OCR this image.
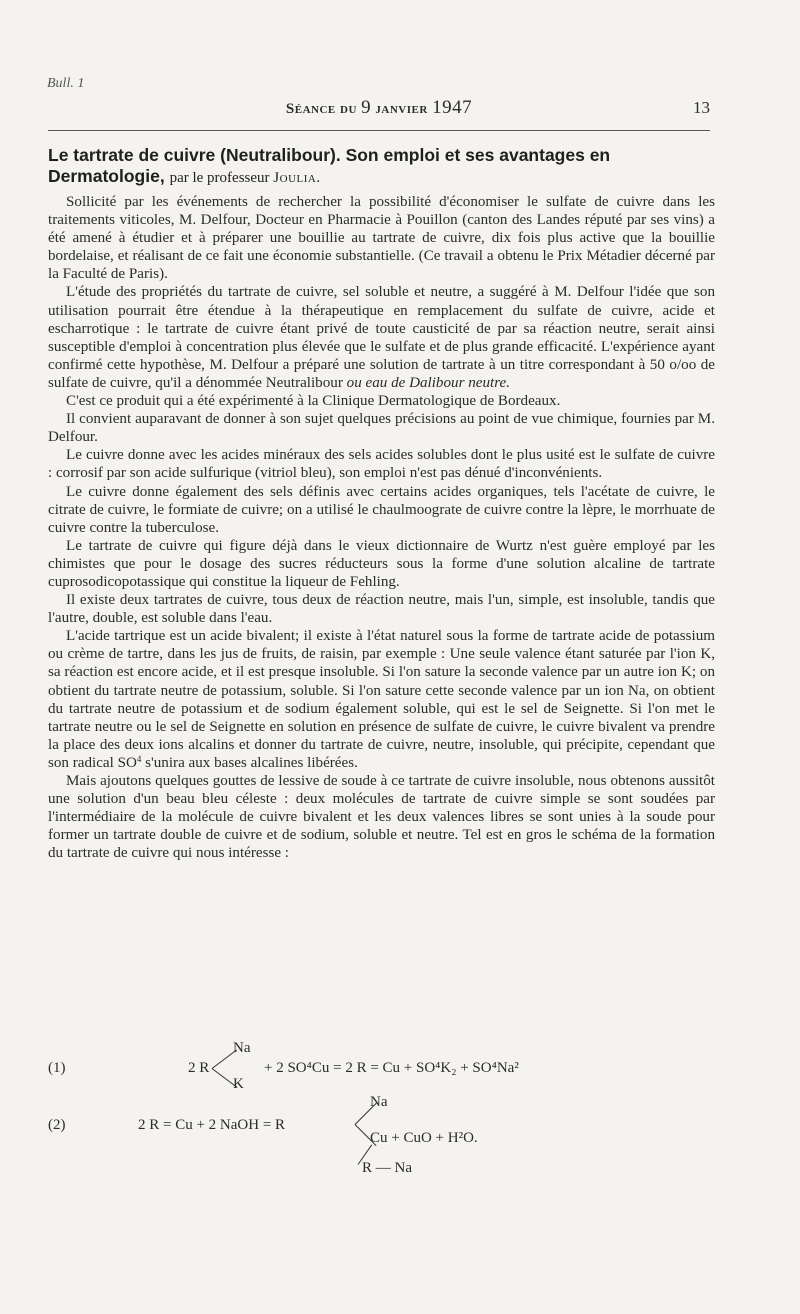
Bull. 1
Séance du 9 janvier 1947	13
Le tartrate de cuivre (Neutralibour). Son emploi et ses avantages en Dermatologie, par le professeur Joulia.

Sollicité par les événements de rechercher la possibilité d'économiser le sulfate de cuivre dans les traitements viticoles, M. Delfour, Docteur en Pharmacie à Pouillon (canton des Landes réputé par ses vins) a été amené à étudier et à préparer une bouillie au tartrate de cuivre, dix fois plus active que la bouillie bordelaise, et réalisant de ce fait une économie substantielle. (Ce travail a obtenu le Prix Métadier décerné par la Faculté de Paris).

L'étude des propriétés du tartrate de cuivre, sel soluble et neutre, a suggéré à M. Delfour l'idée que son utilisation pourrait être étendue à la thérapeutique en remplacement du sulfate de cuivre, acide et escharrotique : le tartrate de cuivre étant privé de toute causticité de par sa réaction neutre, serait ainsi susceptible d'emploi à concentration plus élevée que le sulfate et de plus grande efficacité. L'expérience ayant confirmé cette hypothèse, M. Delfour a préparé une solution de tartrate à un titre correspondant à 50 o/oo de sulfate de cuivre, qu'il a dénommée Neutralibour ou eau de Dalibour neutre.

C'est ce produit qui a été expérimenté à la Clinique Dermatologique de Bordeaux.

Il convient auparavant de donner à son sujet quelques précisions au point de vue chimique, fournies par M. Delfour.

Le cuivre donne avec les acides minéraux des sels acides solubles dont le plus usité est le sulfate de cuivre : corrosif par son acide sulfurique (vitriol bleu), son emploi n'est pas dénué d'inconvénients.

Le cuivre donne également des sels définis avec certains acides organiques, tels l'acétate de cuivre, le citrate de cuivre, le formiate de cuivre; on a utilisé le chaulmoograte de cuivre contre la lèpre, le morrhuate de cuivre contre la tuberculose.

Le tartrate de cuivre qui figure déjà dans le vieux dictionnaire de Wurtz n'est guère employé par les chimistes que pour le dosage des sucres réducteurs sous la forme d'une solution alcaline de tartrate cuprosodicopotassique qui constitue la liqueur de Fehling.

Il existe deux tartrates de cuivre, tous deux de réaction neutre, mais l'un, simple, est insoluble, tandis que l'autre, double, est soluble dans l'eau.

L'acide tartrique est un acide bivalent; il existe à l'état naturel sous la forme de tartrate acide de potassium ou crème de tartre, dans les jus de fruits, de raisin, par exemple : Une seule valence étant saturée par l'ion K, sa réaction est encore acide, et il est presque insoluble. Si l'on sature la seconde valence par un autre ion K; on obtient du tartrate neutre de potassium, soluble. Si l'on sature cette seconde valence par un ion Na, on obtient du tartrate neutre de potassium et de sodium également soluble, qui est le sel de Seignette. Si l'on met le tartrate neutre ou le sel de Seignette en solution en présence de sulfate de cuivre, le cuivre bivalent va prendre la place des deux ions alcalins et donner du tartrate de cuivre, neutre, insoluble, qui précipite, cependant que son radical $SO^4$ s'unira aux bases alcalines libérées.

Mais ajoutons quelques gouttes de lessive de soude à ce tartrate de cuivre insoluble, nous obtenons aussitôt une solution d'un beau bleu céleste : deux molécules de tartrate de cuivre simple se sont soudées par l'intermédiaire de la molécule de cuivre bivalent et les deux valences libres se sont unies à la soude pour former un tartrate double de cuivre et de sodium, soluble et neutre. Tel est en gros le schéma de la formation du tartrate de cuivre qui nous intéresse :

(1)	2 R
Na
K
+ 2 SO⁴Cu = 2 R = Cu + SO⁴K₂ + SO⁴Na²
(2)	2 R = Cu + 2 NaOH = R
Na
Cu + CuO + H²O.
R — Na
